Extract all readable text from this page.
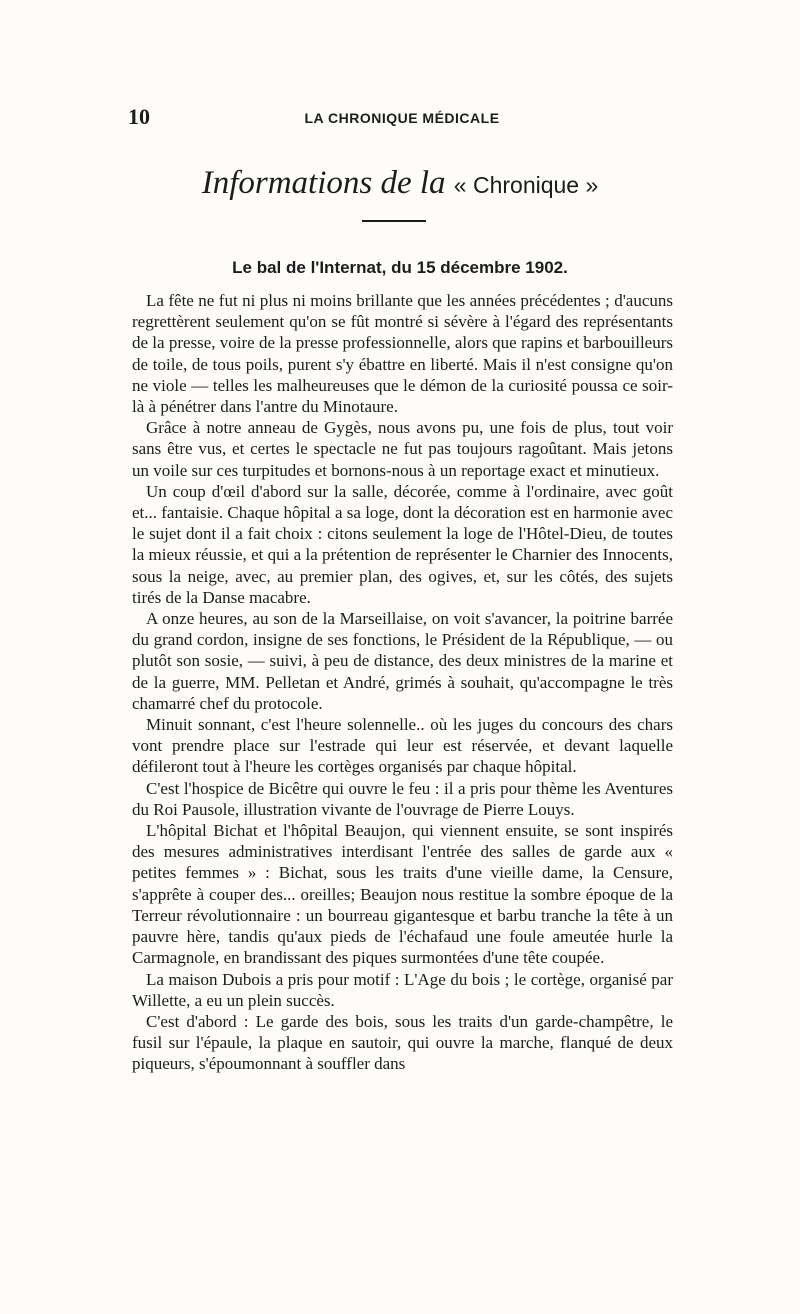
10	LA CHRONIQUE MÉDICALE
Informations de la « Chronique »
Le bal de l'Internat, du 15 décembre 1902.

La fête ne fut ni plus ni moins brillante que les années précédentes ; d'aucuns regrettèrent seulement qu'on se fût montré si sévère à l'égard des représentants de la presse, voire de la presse professionnelle, alors que rapins et barbouilleurs de toile, de tous poils, purent s'y ébattre en liberté. Mais il n'est consigne qu'on ne viole — telles les malheureuses que le démon de la curiosité poussa ce soir-là à pénétrer dans l'antre du Minotaure.

Grâce à notre anneau de Gygès, nous avons pu, une fois de plus, tout voir sans être vus, et certes le spectacle ne fut pas toujours ragoûtant. Mais jetons un voile sur ces turpitudes et bornons-nous à un reportage exact et minutieux.

Un coup d'œil d'abord sur la salle, décorée, comme à l'ordinaire, avec goût et... fantaisie. Chaque hôpital a sa loge, dont la décoration est en harmonie avec le sujet dont il a fait choix : citons seulement la loge de l'Hôtel-Dieu, de toutes la mieux réussie, et qui a la prétention de représenter le Charnier des Innocents, sous la neige, avec, au premier plan, des ogives, et, sur les côtés, des sujets tirés de la Danse macabre.

A onze heures, au son de la Marseillaise, on voit s'avancer, la poitrine barrée du grand cordon, insigne de ses fonctions, le Président de la République, — ou plutôt son sosie, — suivi, à peu de distance, des deux ministres de la marine et de la guerre, MM. Pelletan et André, grimés à souhait, qu'accompagne le très chamarré chef du protocole.

Minuit sonnant, c'est l'heure solennelle.. où les juges du concours des chars vont prendre place sur l'estrade qui leur est réservée, et devant laquelle défileront tout à l'heure les cortèges organisés par chaque hôpital.

C'est l'hospice de Bicêtre qui ouvre le feu : il a pris pour thème les Aventures du Roi Pausole, illustration vivante de l'ouvrage de Pierre Louys.

L'hôpital Bichat et l'hôpital Beaujon, qui viennent ensuite, se sont inspirés des mesures administratives interdisant l'entrée des salles de garde aux « petites femmes » : Bichat, sous les traits d'une vieille dame, la Censure, s'apprête à couper des... oreilles; Beaujon nous restitue la sombre époque de la Terreur révolutionnaire : un bourreau gigantesque et barbu tranche la tête à un pauvre hère, tandis qu'aux pieds de l'échafaud une foule ameutée hurle la Carmagnole, en brandissant des piques surmontées d'une tête coupée.

La maison Dubois a pris pour motif : L'Age du bois ; le cortège, organisé par Willette, a eu un plein succès.

C'est d'abord : Le garde des bois, sous les traits d'un garde-champêtre, le fusil sur l'épaule, la plaque en sautoir, qui ouvre la marche, flanqué de deux piqueurs, s'époumonnant à souffler dans
